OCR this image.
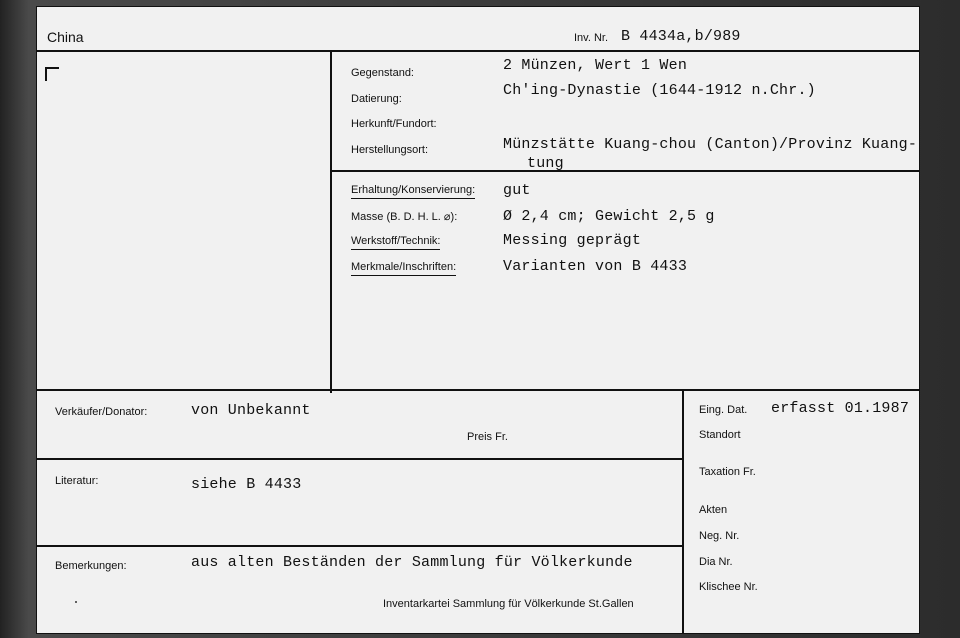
China	Inv. Nr. B 4434a,b/989
Gegenstand:	2 Münzen, Wert 1 Wen
Datierung:	Ch'ing-Dynastie (1644-1912 n.Chr.)
Herkunft/Fundort:
Herstellungsort:	Münzstätte Kuang-chou (Canton)/Provinz Kuang-
tung
Erhaltung/Konservierung: gut
Masse (B. D. H. L. ⌀):	Ø 2,4 cm; Gewicht 2,5 g
Werkstoff/Technik:	Messing geprägt
Merkmale/Inschriften:	Varianten von B 4433
Verkäufer/Donator:	von Unbekannt
Preis Fr.
Literatur:	siehe B 4433
Bemerkungen:	aus alten Beständen der Sammlung für Völkerkunde
Inventarkartei Sammlung für Völkerkunde St.Gallen
Eing. Dat. erfasst 01.1987
Standort
Taxation Fr.
Akten
Neg. Nr.
Dia Nr.
Klischee Nr.
